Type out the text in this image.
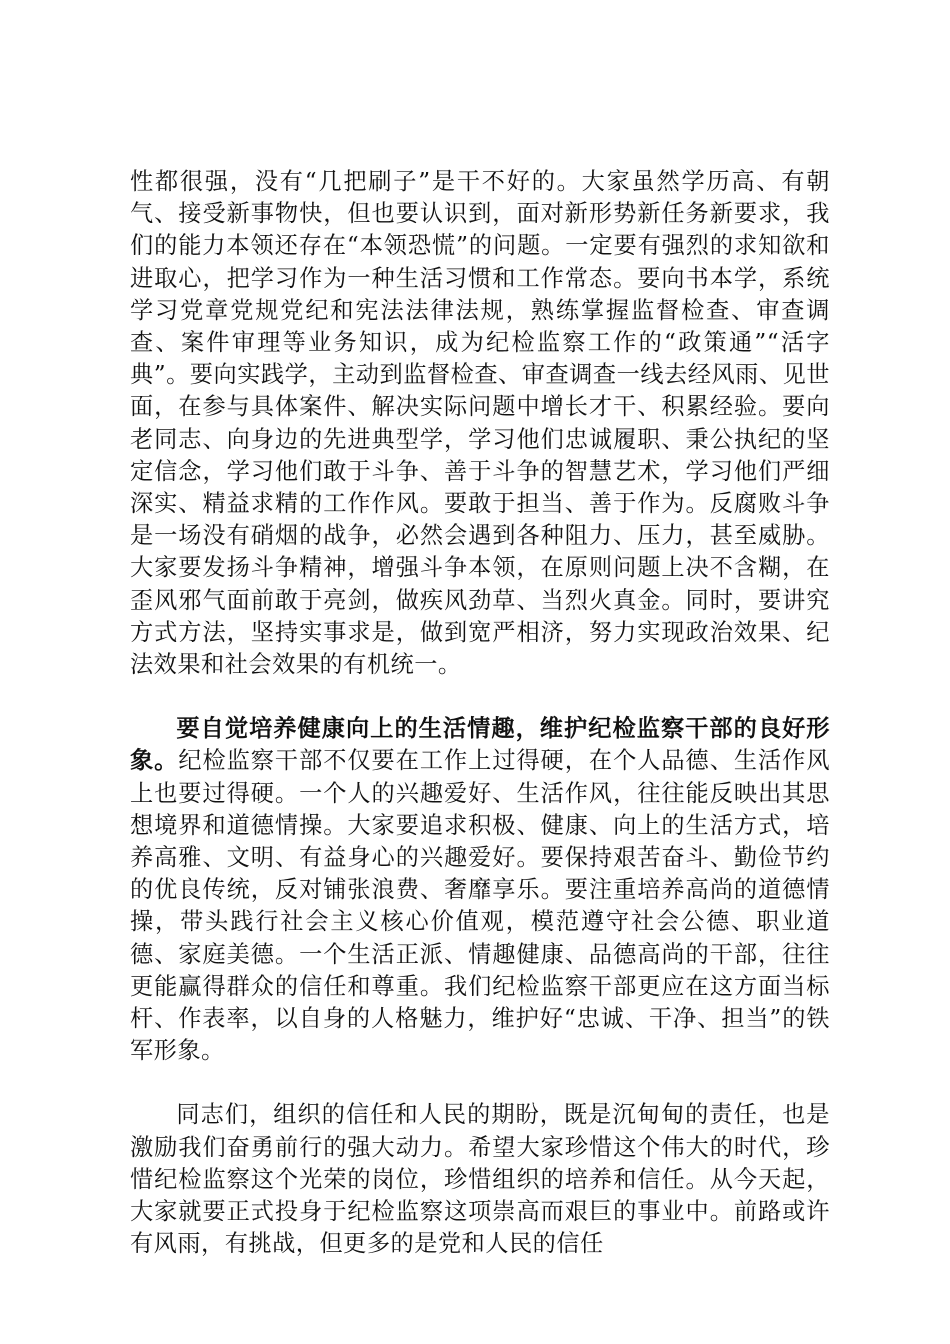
性都很强，没有“几把刷子”是干不好的。大家虽然学历高、有朝气、接受新事物快，但也要认识到，面对新形势新任务新要求，我们的能力本领还存在“本领恐慌”的问题。一定要有强烈的求知欲和进取心，把学习作为一种生活习惯和工作常态。要向书本学，系统学习党章党规党纪和宪法法律法规，熟练掌握监督检查、审查调查、案件审理等业务知识，成为纪检监察工作的“政策通”“活字典”。要向实践学，主动到监督检查、审查调查一线去经风雨、见世面，在参与具体案件、解决实际问题中增长才干、积累经验。要向老同志、向身边的先进典型学，学习他们忠诚履职、秉公执纪的坚定信念，学习他们敢于斗争、善于斗争的智慧艺术，学习他们严细深实、精益求精的工作作风。要敢于担当、善于作为。反腐败斗争是一场没有硝烟的战争，必然会遇到各种阻力、压力，甚至威胁。大家要发扬斗争精神，增强斗争本领，在原则问题上决不含糊，在歪风邪气面前敢于亮剑，做疾风劲草、当烈火真金。同时，要讲究方式方法，坚持实事求是，做到宽严相济，努力实现政治效果、纪法效果和社会效果的有机统一。

要自觉培养健康向上的生活情趣，维护纪检监察干部的良好形象。纪检监察干部不仅要在工作上过得硬，在个人品德、生活作风上也要过得硬。一个人的兴趣爱好、生活作风，往往能反映出其思想境界和道德情操。大家要追求积极、健康、向上的生活方式，培养高雅、文明、有益身心的兴趣爱好。要保持艰苦奋斗、勤俭节约的优良传统，反对铺张浪费、奢靡享乐。要注重培养高尚的道德情操，带头践行社会主义核心价值观，模范遵守社会公德、职业道德、家庭美德。一个生活正派、情趣健康、品德高尚的干部，往往更能赢得群众的信任和尊重。我们纪检监察干部更应在这方面当标杆、作表率，以自身的人格魅力，维护好“忠诚、干净、担当”的铁军形象。

同志们，组织的信任和人民的期盼，既是沉甸甸的责任，也是激励我们奋勇前行的强大动力。希望大家珍惜这个伟大的时代，珍惜纪检监察这个光荣的岗位，珍惜组织的培养和信任。从今天起，大家就要正式投身于纪检监察这项崇高而艰巨的事业中。前路或许有风雨，有挑战，但更多的是党和人民的信任
